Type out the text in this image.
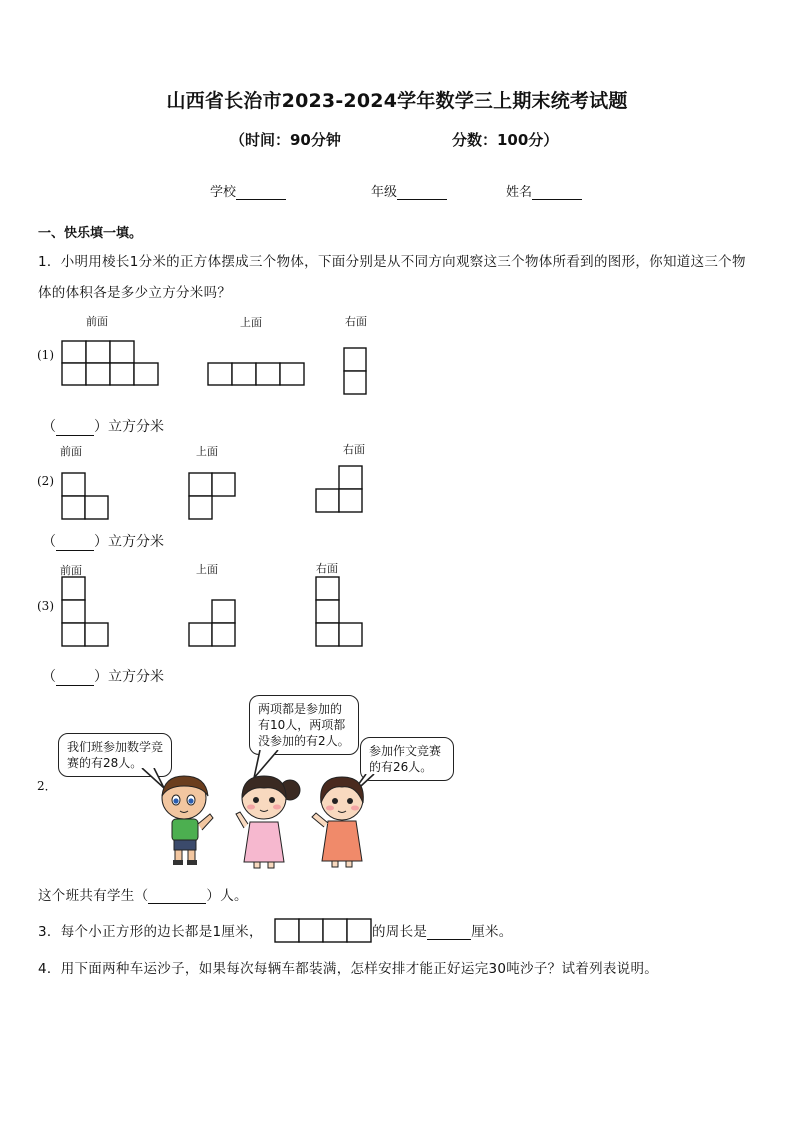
山西省长治市2023-2024学年数学三上期末统考试题
（时间：90分钟	分数：100分）
学校	年级	姓名
一、快乐填一填。
1．小明用棱长1分米的正方体摆成三个物体，下面分别是从不同方向观察这三个物体所看到的图形，你知道这三个物
体的体积各是多少立方分米吗？
前面	上面	右面
(1)
（	）立方分米
前面	上面	右面
(2)
（	）立方分米
前面	上面	右面
(3)
（	）立方分米
2．
我们班参加数学竞赛的有28人。
两项都是参加的有10人，两项都没参加的有2人。
参加作文竞赛的有26人。
这个班共有学生（	）人。
3．每个小正方形的边长都是1厘米，	的周长是	厘米。
4．用下面两种车运沙子，如果每次每辆车都装满，怎样安排才能正好运完30吨沙子？试着列表说明。
